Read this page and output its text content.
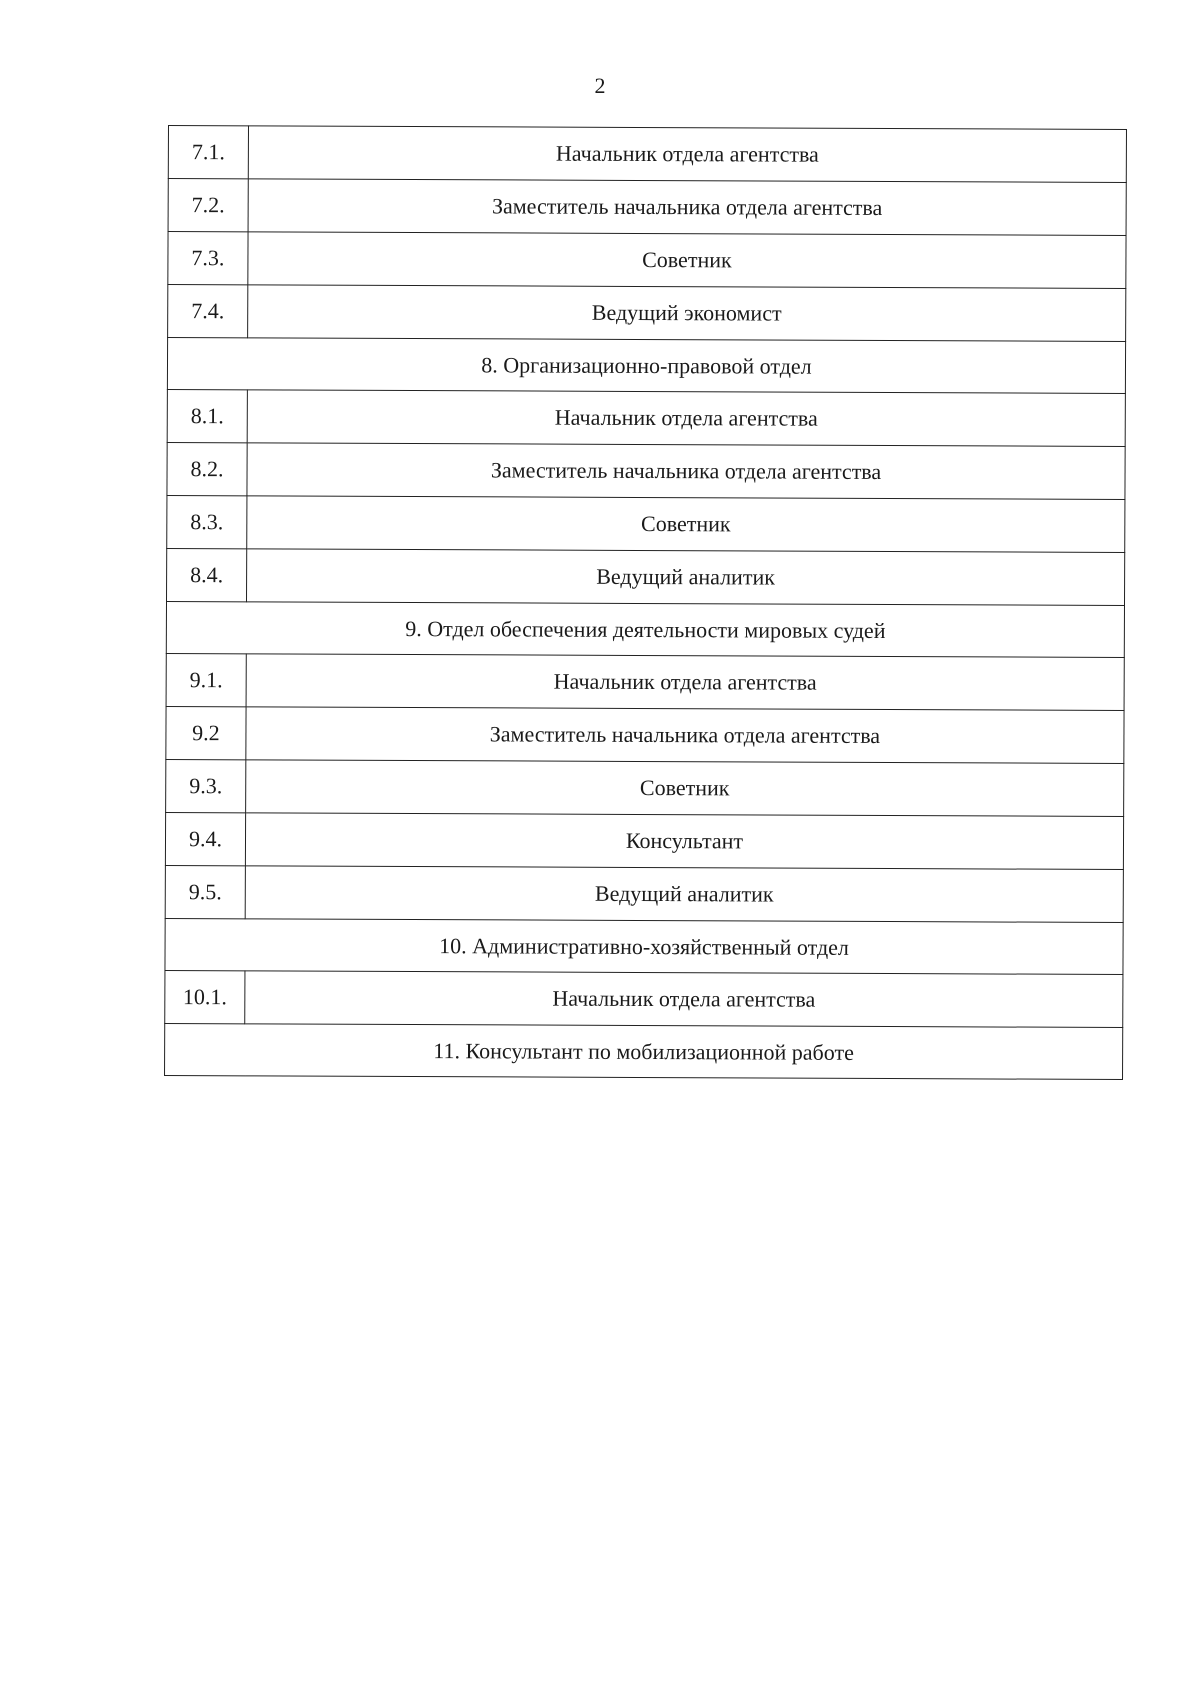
2
7.1.	Начальник отдела агентства
7.2.	Заместитель начальника отдела агентства
7.3.	Советник
7.4.	Ведущий экономист
8. Организационно-правовой отдел	
8.1.	Начальник отдела агентства
8.2.	Заместитель начальника отдела агентства
8.3.	Советник
8.4.	Ведущий аналитик
9. Отдел обеспечения деятельности мировых судей	
9.1.	Начальник отдела агентства
9.2	Заместитель начальника отдела агентства
9.3.	Советник
9.4.	Консультант
9.5.	Ведущий аналитик
10. Административно-хозяйственный отдел	
10.1.	Начальник отдела агентства
11. Консультант по мобилизационной работе	
